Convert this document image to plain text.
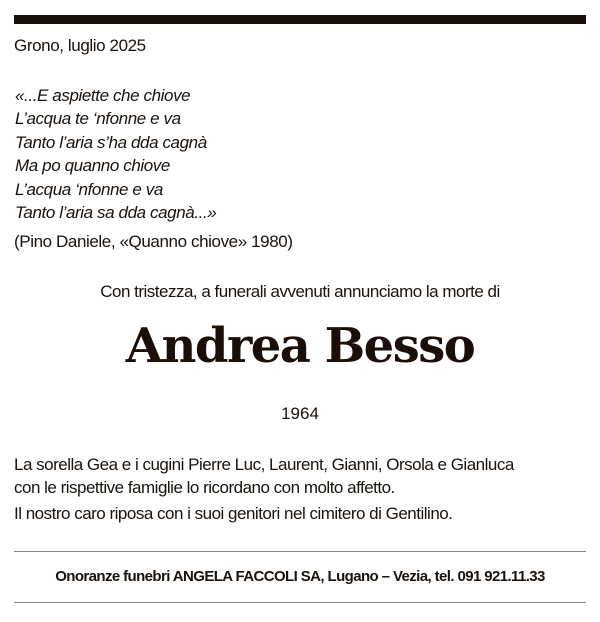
Grono, luglio 2025
«...E aspiette che chiove
L’acqua te ‘nfonne e va
Tanto l’aria s’ha dda cagnà
Ma po quanno chiove
L’acqua ‘nfonne e va
Tanto l’aria sa dda cagnà...»
(Pino Daniele, «Quanno chiove» 1980)
Con tristezza, a funerali avvenuti annunciamo la morte di
Andrea Besso
1964

La sorella Gea e i cugini Pierre Luc, Laurent, Gianni, Orsola e Gianluca
con le rispettive famiglie lo ricordano con molto affetto.

Il nostro caro riposa con i suoi genitori nel cimitero di Gentilino.

Onoranze funebri ANGELA FACCOLI SA, Lugano – Vezia, tel. 091 921.11.33
